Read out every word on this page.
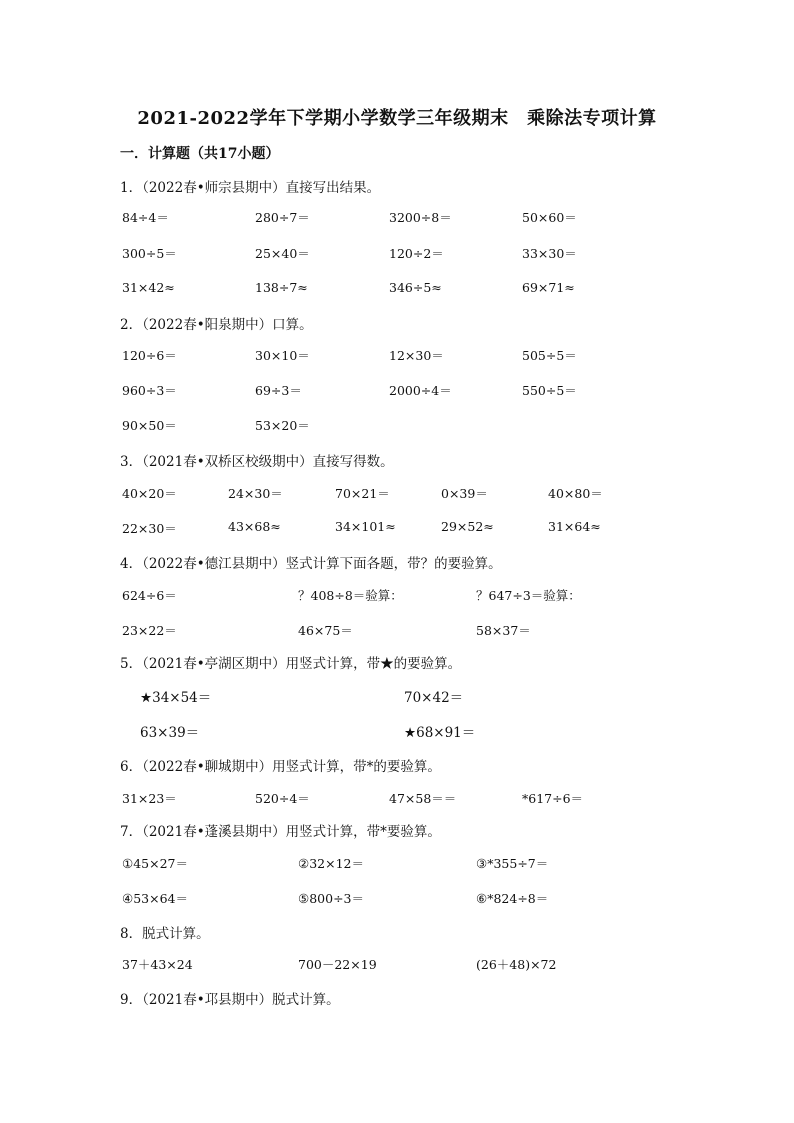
2021-2022学年下学期小学数学三年级期末　乘除法专项计算
一．计算题（共17小题）
1．（2022春•师宗县期中）直接写出结果。
84÷4＝	280÷7＝	3200÷8＝	50×60＝
300÷5＝	25×40＝	120÷2＝	33×30＝
31×42≈	138÷7≈	346÷5≈	69×71≈
2．（2022春•阳泉期中）口算。
120÷6＝	30×10＝	12×30＝	505÷5＝
960÷3＝	69÷3＝	2000÷4＝	550÷5＝
90×50＝	53×20＝
3．（2021春•双桥区校级期中）直接写得数。
40×20＝	24×30＝	70×21＝	0×39＝	40×80＝
22×30＝	43×68≈	34×101≈	29×52≈	31×64≈
4．（2022春•德江县期中）竖式计算下面各题，带？的要验算。
624÷6＝	？408÷8＝验算：	？647÷3＝验算：
23×22＝	46×75＝	58×37＝
5．（2021春•亭湖区期中）用竖式计算，带★的要验算。
★34×54＝	70×42＝
63×39＝	★68×91＝
6．（2022春•聊城期中）用竖式计算，带*的要验算。
31×23＝	520÷4＝	47×58＝＝	*617÷6＝
7．（2021春•蓬溪县期中）用竖式计算，带*要验算。
①45×27＝	②32×12＝	③*355÷7＝
④53×64＝	⑤800÷3＝	⑥*824÷8＝
8．脱式计算。
37＋43×24	700－22×19	(26＋48)×72
9．（2021春•邛县期中）脱式计算。
